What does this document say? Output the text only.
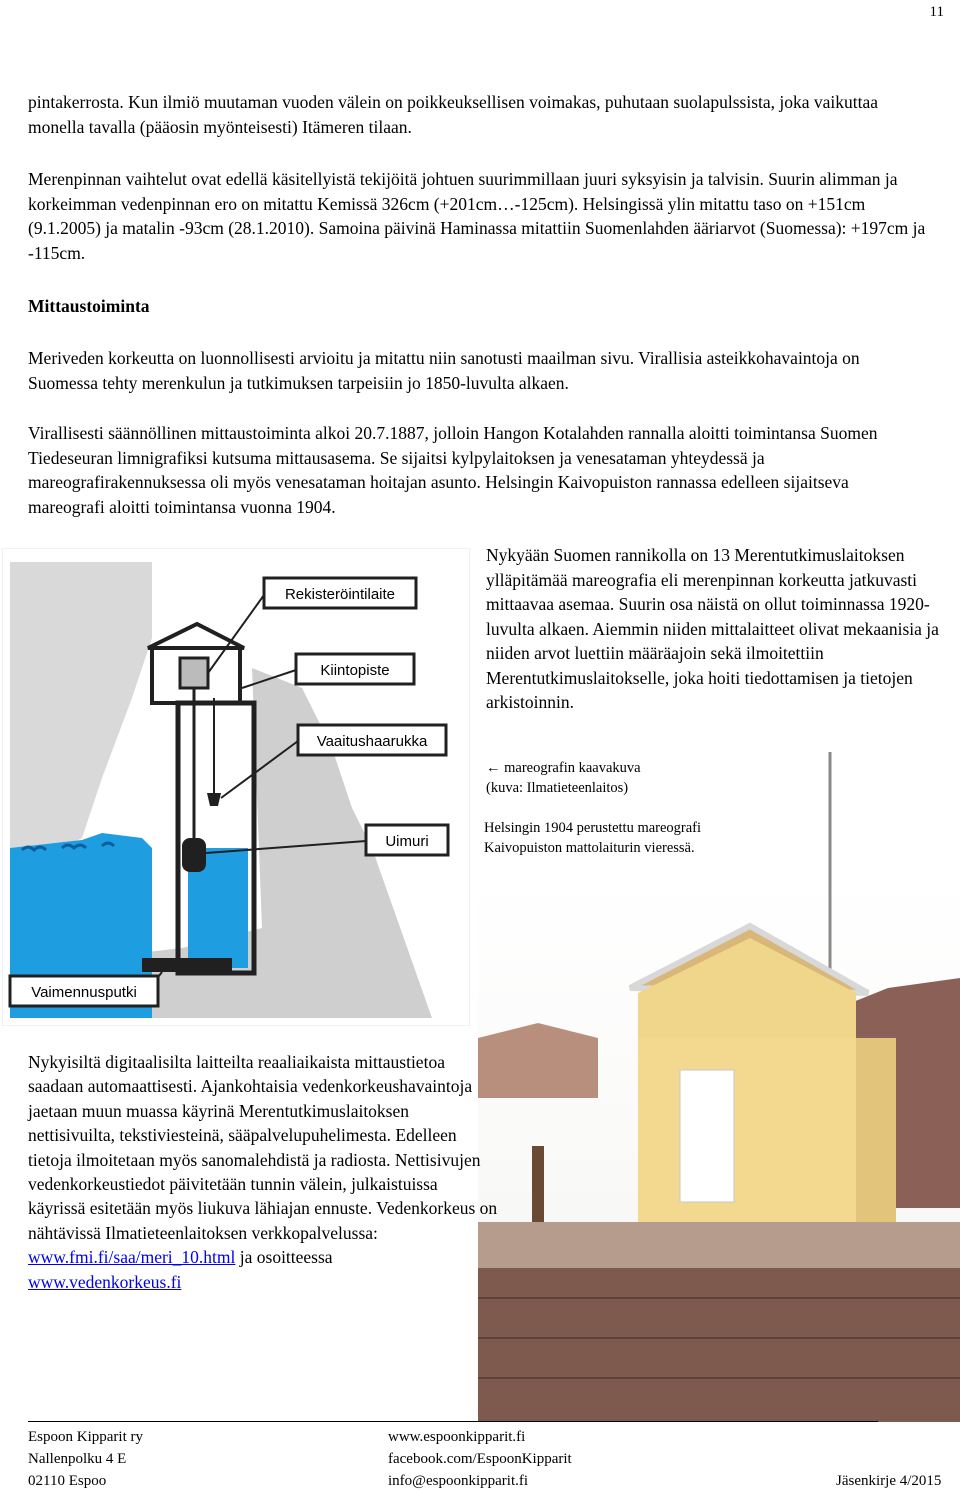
11

pintakerrosta. Kun ilmiö muutaman vuoden välein on poikkeuksellisen voimakas, puhutaan suolapulssista, joka vaikuttaa monella tavalla (pääosin myönteisesti) Itämeren tilaan.

Merenpinnan vaihtelut ovat edellä käsitellyistä tekijöitä johtuen suurimmillaan juuri syksyisin ja talvisin. Suurin alimman ja korkeimman vedenpinnan ero on mitattu Kemissä 326cm (+201cm…-125cm). Helsingissä ylin mitattu taso on +151cm (9.1.2005) ja matalin -93cm (28.1.2010). Samoina päivinä Haminassa mitattiin Suomenlahden ääriarvot (Suomessa): +197cm ja -115cm.

Mittaustoiminta

Meriveden korkeutta on luonnollisesti arvioitu ja mitattu niin sanotusti maailman sivu. Virallisia asteikkohavaintoja on Suomessa tehty merenkulun ja tutkimuksen tarpeisiin jo 1850-luvulta alkaen.

Virallisesti säännöllinen mittaustoiminta alkoi 20.7.1887, jolloin Hangon Kotalahden rannalla aloitti toimintansa Suomen Tiedeseuran limnigrafiksi kutsuma mittausasema. Se sijaitsi kylpylaitoksen ja venesataman yhteydessä ja mareografirakennuksessa oli myös venesataman hoitajan asunto. Helsingin Kaivopuiston rannassa edelleen sijaitseva mareografi aloitti toimintansa vuonna 1904.

Rekisteröintilaite
Kiintopiste
Vaaitushaarukka
Uimuri
Vaimennusputki
Nykyään Suomen rannikolla on 13 Merentutkimuslaitoksen ylläpitämää mareografia eli merenpinnan korkeutta jatkuvasti mittaavaa asemaa. Suurin osa näistä on ollut toiminnassa 1920-luvulta alkaen. Aiemmin niiden mittalaitteet olivat mekaanisia ja niiden arvot luettiin määräajoin sekä ilmoitettiin Merentutkimuslaitokselle, joka hoiti tiedottamisen ja tietojen arkistoinnin.
← mareografin kaavakuva
(kuva: Ilmatieteenlaitos)
Helsingin 1904 perustettu mareografi
Kaivopuiston mattolaiturin vieressä.
Nykyisiltä digitaalisilta laitteilta reaaliaikaista mittaustietoa saadaan automaattisesti. Ajankohtaisia vedenkorkeushavaintoja jaetaan muun muassa käyrinä Merentutkimuslaitoksen nettisivuilta, tekstiviesteinä, sääpalvelupuhelimesta. Edelleen tietoja ilmoitetaan myös sanomalehdistä ja radiosta. Nettisivujen vedenkorkeustiedot päivitetään tunnin välein, julkaistuissa käyrissä esitetään myös liukuva lähiajan ennuste. Vedenkorkeus on nähtävissä Ilmatieteenlaitoksen verkkopalvelussa:
www.fmi.fi/saa/meri_10.html ja osoitteessa
www.vedenkorkeus.fi
Espoon Kipparit ry
Nallenpolku 4 E
02110 Espoo
www.espoonkipparit.fi
facebook.com/EspoonKipparit
info@espoonkipparit.fi	Jäsenkirje 4/2015
